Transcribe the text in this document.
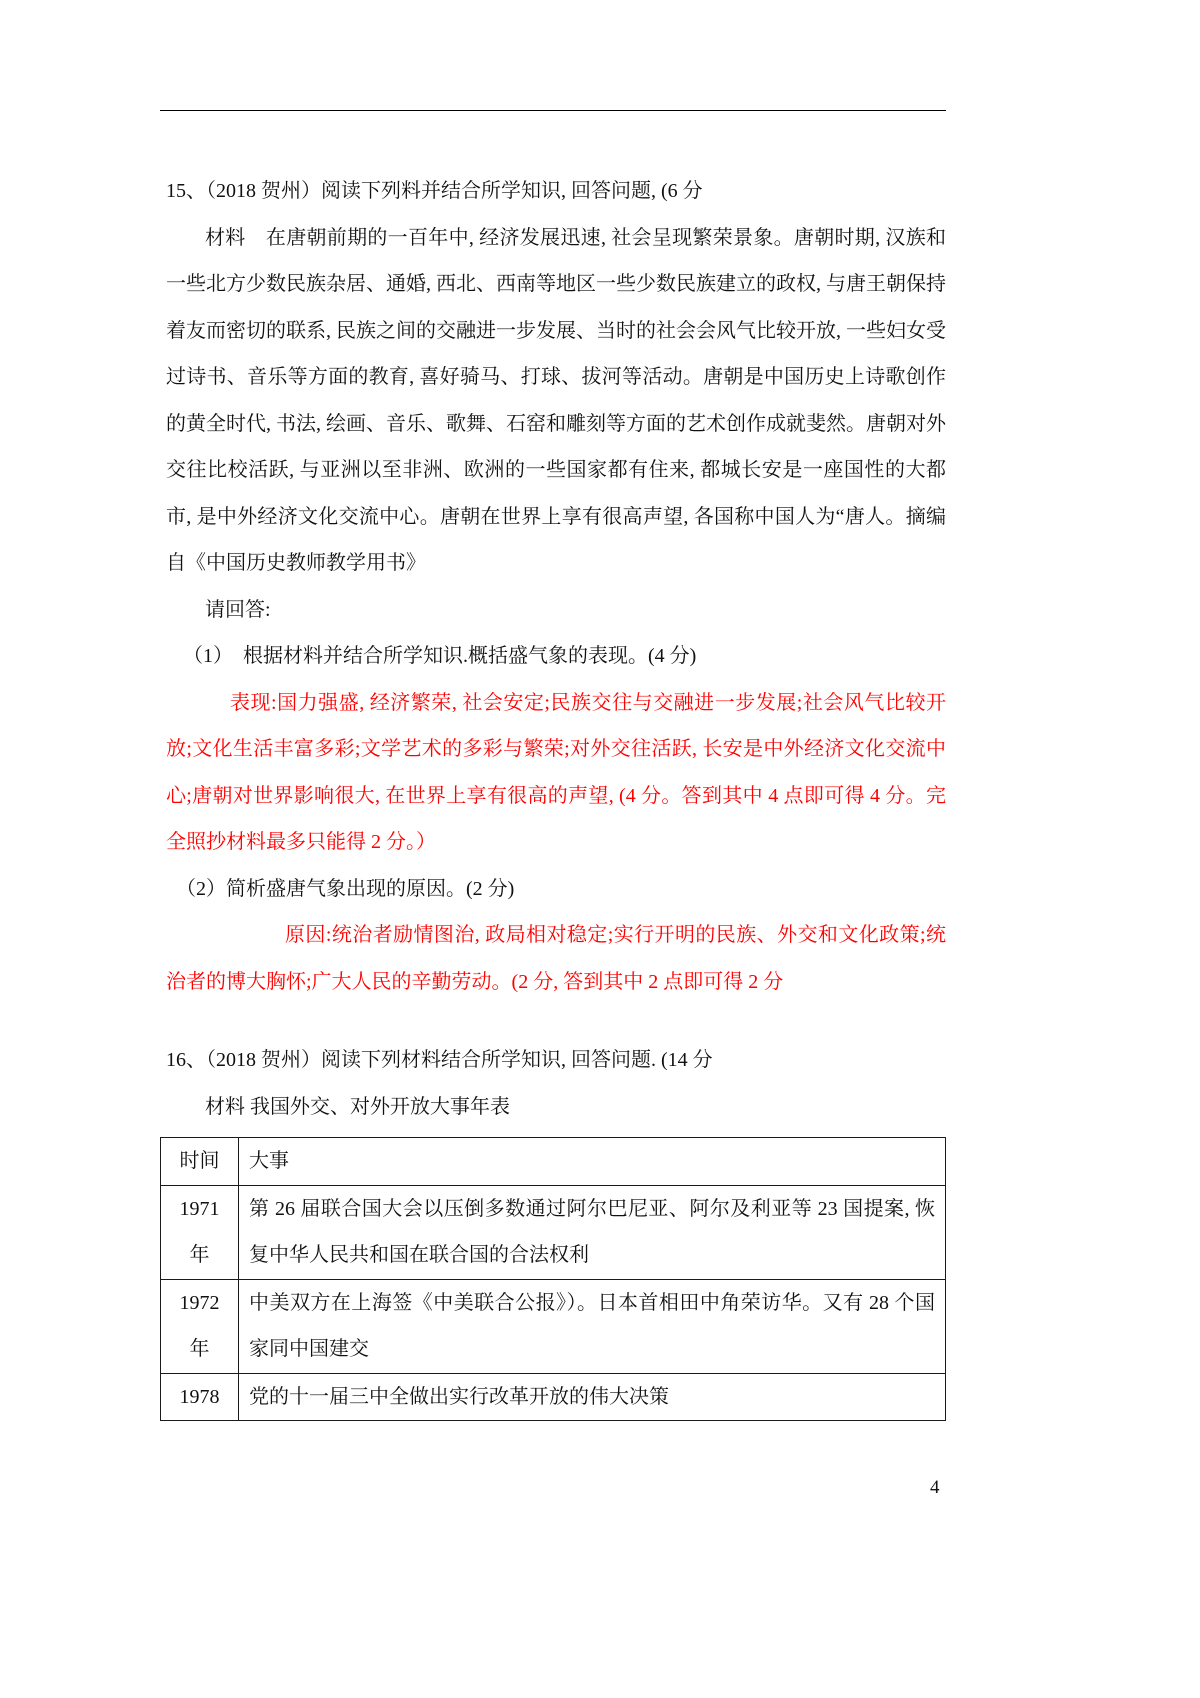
15、（2018 贺州）阅读下列料并结合所学知识, 回答问题, (6 分

材料　在唐朝前期的一百年中, 经济发展迅速, 社会呈现繁荣景象。唐朝时期, 汉族和一些北方少数民族杂居、通婚, 西北、西南等地区一些少数民族建立的政权, 与唐王朝保持着友而密切的联系, 民族之间的交融进一步发展、当时的社会会风气比较开放, 一些妇女受过诗书、音乐等方面的教育, 喜好骑马、打球、拔河等活动。唐朝是中国历史上诗歌创作的黄全时代, 书法, 绘画、音乐、歌舞、石窑和雕刻等方面的艺术创作成就斐然。唐朝对外交往比校活跃, 与亚洲以至非洲、欧洲的一些国家都有住来, 都城长安是一座国性的大都市, 是中外经济文化交流中心。唐朝在世界上享有很高声望, 各国称中国人为“唐人。摘编自《中国历史教师教学用书》

请回答:

（1）　根据材料并结合所学知识.概括盛气象的表现。(4 分)

表现:国力强盛, 经济繁荣, 社会安定;民族交往与交融进一步发展;社会风气比较开放;文化生活丰富多彩;文学艺术的多彩与繁荣;对外交往活跃, 长安是中外经济文化交流中心;唐朝对世界影响很大, 在世界上享有很高的声望, (4 分。答到其中 4 点即可得 4 分。完全照抄材料最多只能得 2 分。）

（2）简析盛唐气象出现的原因。(2 分)

原因:统治者励情图治, 政局相对稳定;实行开明的民族、外交和文化政策;统治者的博大胸怀;广大人民的辛勤劳动。(2 分, 答到其中 2 点即可得 2 分

16、（2018 贺州）阅读下列材料结合所学知识, 回答问题. (14 分

材料 我国外交、对外开放大事年表

时间	大事
1971 年	第 26 届联合国大会以压倒多数通过阿尔巴尼亚、阿尔及利亚等 23 国提案, 恢复中华人民共和国在联合国的合法权利
1972 年	中美双方在上海签《中美联合公报》）。日本首相田中角荣访华。又有 28 个国家同中国建交
1978	党的十一届三中全做出实行改革开放的伟大决策
4
